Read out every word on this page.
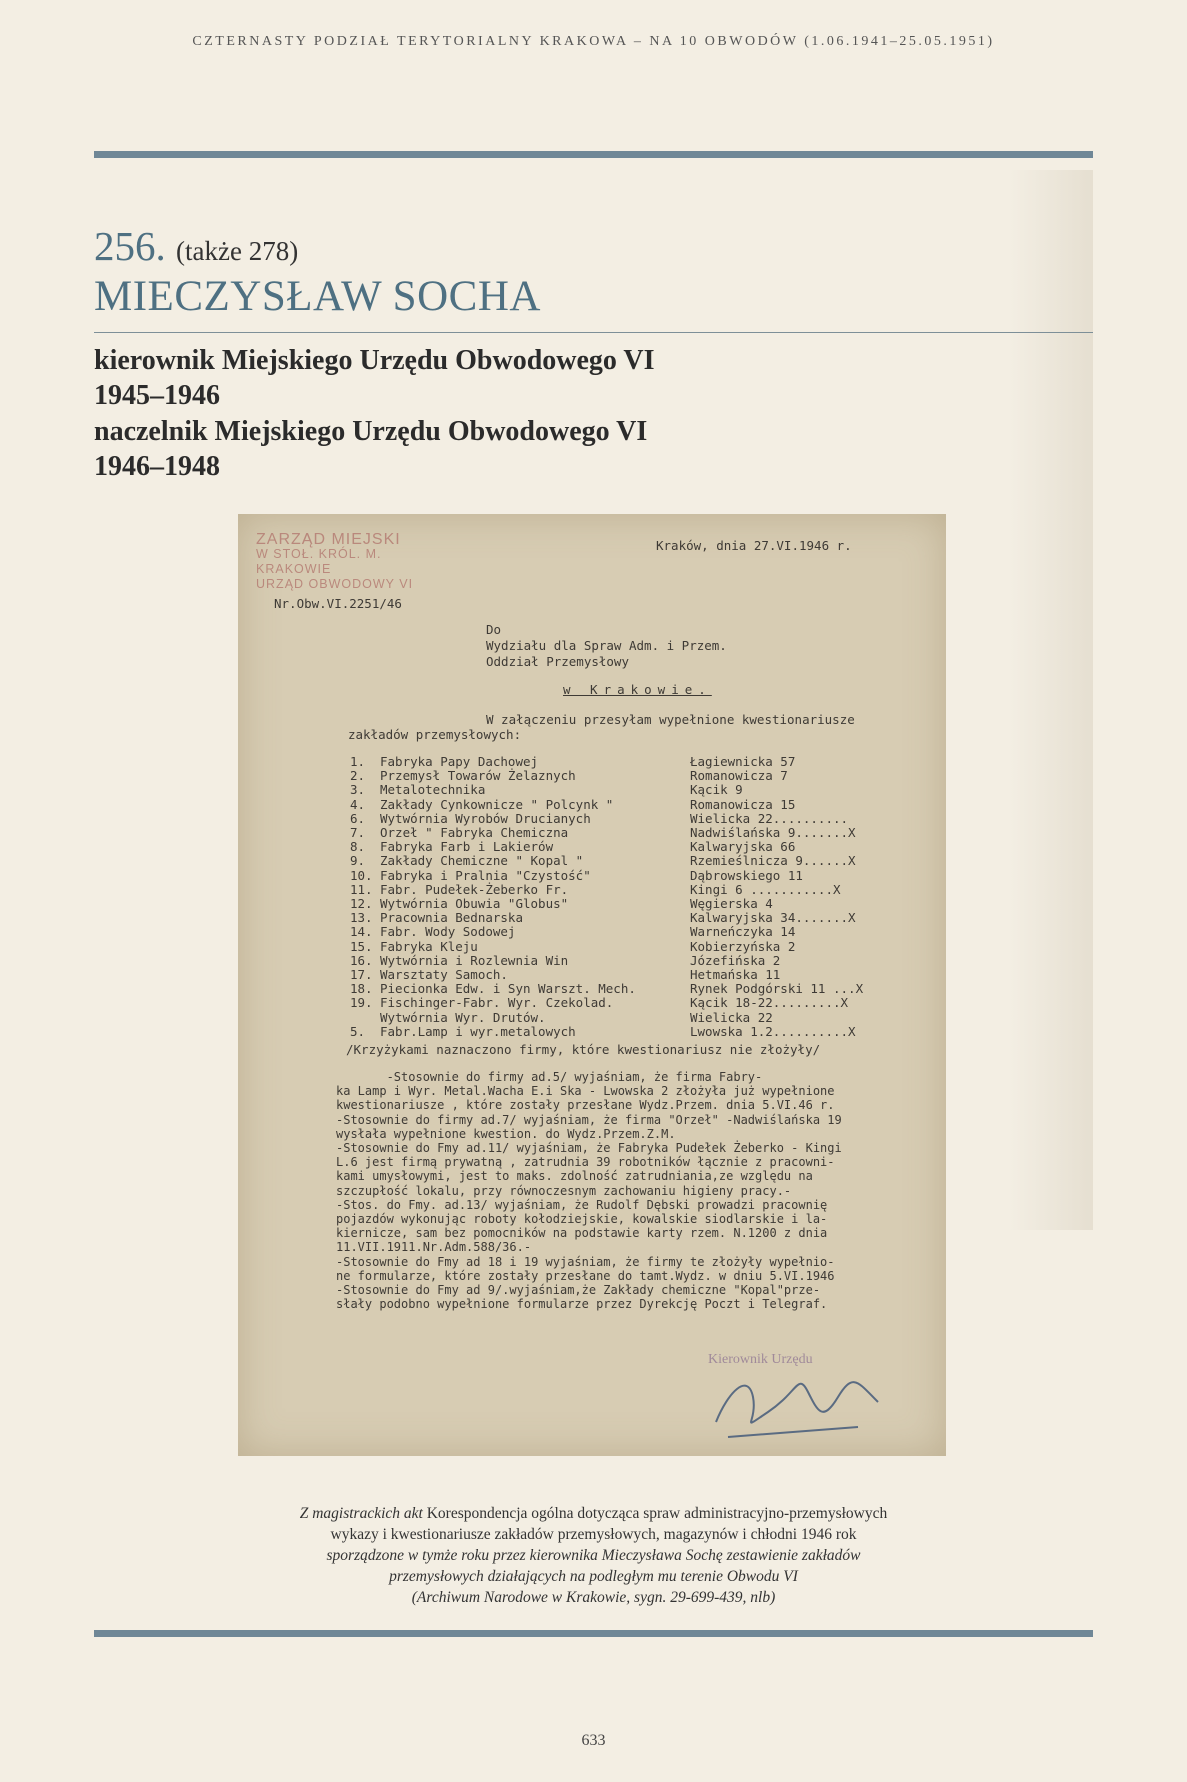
CZTERNASTY PODZIAŁ TERYTORIALNY KRAKOWA – NA 10 OBWODÓW (1.06.1941–25.05.1951)
256. (także 278)
MIECZYSŁAW SOCHA
kierownik Miejskiego Urzędu Obwodowego VI
1945–1946
naczelnik Miejskiego Urzędu Obwodowego VI
1946–1948
ZARZĄD MIEJSKI
W STOŁ. KRÓL. M. KRAKOWIE
URZĄD OBWODOWY VI
Kraków, dnia 27.VI.1946 r.
Nr.Obw.VI.2251/46
Do
Wydziału dla Spraw Adm. i Przem.
Oddział Przemysłowy
w Krakowie.
W załączeniu przesyłam wypełnione kwestionariusze
zakładów przemysłowych:
1. Fabryka Papy Dachowej	Łagiewnicka 57
2. Przemysł Towarów Żelaznych	Romanowicza 7
3. Metalotechnika	Kącik 9
4. Zakłady Cynkownicze " Polcynk "	Romanowicza 15
6. Wytwórnia Wyrobów Drucianych	Wielicka 22..........
7. Orzeł " Fabryka Chemiczna	Nadwiślańska 9.......X
8. Fabryka Farb i Lakierów	Kalwaryjska 66
9. Zakłady Chemiczne " Kopal "	Rzemieślnicza 9......X
10. Fabryka i Pralnia "Czystość"	Dąbrowskiego 11
11. Fabr. Pudełek-Żeberko Fr.	Kingi 6 ...........X
12. Wytwórnia Obuwia "Globus"	Węgierska 4
13. Pracownia Bednarska	Kalwaryjska 34.......X
14. Fabr. Wody Sodowej	Warneńczyka 14
15. Fabryka Kleju	Kobierzyńska 2
16. Wytwórnia i Rozlewnia Win	Józefińska 2
17. Warsztaty Samoch.	Hetmańska 11
18. Piecionka Edw. i Syn Warszt. Mech.	Rynek Podgórski 11 ...X
19. Fischinger-Fabr. Wyr. Czekolad.	Kącik 18-22.........X
Wytwórnia Wyr. Drutów.	Wielicka 22
5. Fabr.Lamp i wyr.metalowych	Lwowska 1.2..........X
/Krzyżykami naznaczono firmy, które kwestionariusz nie złożyły/
-Stosownie do firmy ad.5/ wyjaśniam, że firma Fabry-
ka Lamp i Wyr. Metal.Wacha E.i Ska - Lwowska 2 złożyła już wypełnione
kwestionariusze , które zostały przesłane Wydz.Przem. dnia 5.VI.46 r.
-Stosownie do firmy ad.7/ wyjaśniam, że firma "Orzeł" -Nadwiślańska 19
wysłała wypełnione kwestion. do Wydz.Przem.Z.M.
-Stosownie do Fmy ad.11/ wyjaśniam, że Fabryka Pudełek Żeberko - Kingi
L.6 jest firmą prywatną , zatrudnia 39 robotników łącznie z pracowni-
kami umysłowymi, jest to maks. zdolność zatrudniania,ze względu na
szczupłość lokalu, przy równoczesnym zachowaniu higieny pracy.-
-Stos. do Fmy. ad.13/ wyjaśniam, że Rudolf Dębski prowadzi pracownię
pojazdów wykonując roboty kołodziejskie, kowalskie siodlarskie i la-
kiernicze, sam bez pomocników na podstawie karty rzem. N.1200 z dnia
11.VII.1911.Nr.Adm.588/36.-
-Stosownie do Fmy ad 18 i 19 wyjaśniam, że firmy te złożyły wypełnio-
ne formularze, które zostały przesłane do tamt.Wydz. w dniu 5.VI.1946
-Stosownie do Fmy ad 9/.wyjaśniam,że Zakłady chemiczne "Kopal"prze-
słały podobno wypełnione formularze przez Dyrekcję Poczt i Telegraf.
Kierownik Urzędu
Z magistrackich akt Korespondencja ogólna dotycząca spraw administracyjno-przemysłowych
wykazy i kwestionariusze zakładów przemysłowych, magazynów i chłodni 1946 rok
sporządzone w tymże roku przez kierownika Mieczysława Sochę zestawienie zakładów
przemysłowych działających na podległym mu terenie Obwodu VI
(Archiwum Narodowe w Krakowie, sygn. 29-699-439, nlb)
633
